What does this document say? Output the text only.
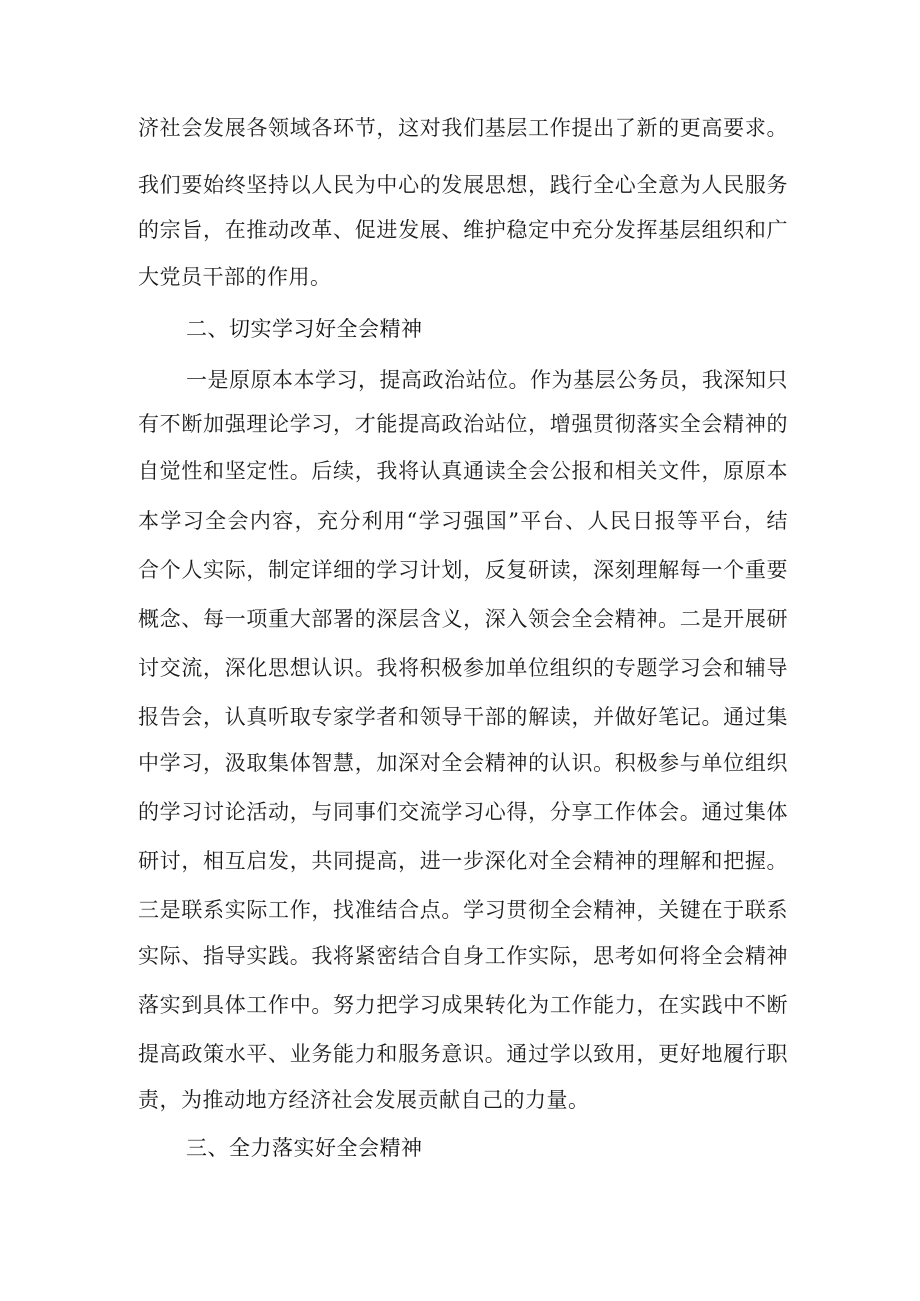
济社会发展各领域各环节，这对我们基层工作提出了新的更高要求。
我们要始终坚持以人民为中心的发展思想，践行全心全意为人民服务
的宗旨，在推动改革、促进发展、维护稳定中充分发挥基层组织和广
大党员干部的作用。
二、切实学习好全会精神
一是原原本本学习，提高政治站位。作为基层公务员，我深知只
有不断加强理论学习，才能提高政治站位，增强贯彻落实全会精神的
自觉性和坚定性。后续，我将认真通读全会公报和相关文件，原原本
本学习全会内容，充分利用“学习强国”平台、人民日报等平台，结
合个人实际，制定详细的学习计划，反复研读，深刻理解每一个重要
概念、每一项重大部署的深层含义，深入领会全会精神。二是开展研
讨交流，深化思想认识。我将积极参加单位组织的专题学习会和辅导
报告会，认真听取专家学者和领导干部的解读，并做好笔记。通过集
中学习，汲取集体智慧，加深对全会精神的认识。积极参与单位组织
的学习讨论活动，与同事们交流学习心得，分享工作体会。通过集体
研讨，相互启发，共同提高，进一步深化对全会精神的理解和把握。
三是联系实际工作，找准结合点。学习贯彻全会精神，关键在于联系
实际、指导实践。我将紧密结合自身工作实际，思考如何将全会精神
落实到具体工作中。努力把学习成果转化为工作能力，在实践中不断
提高政策水平、业务能力和服务意识。通过学以致用，更好地履行职
责，为推动地方经济社会发展贡献自己的力量。
三、全力落实好全会精神
